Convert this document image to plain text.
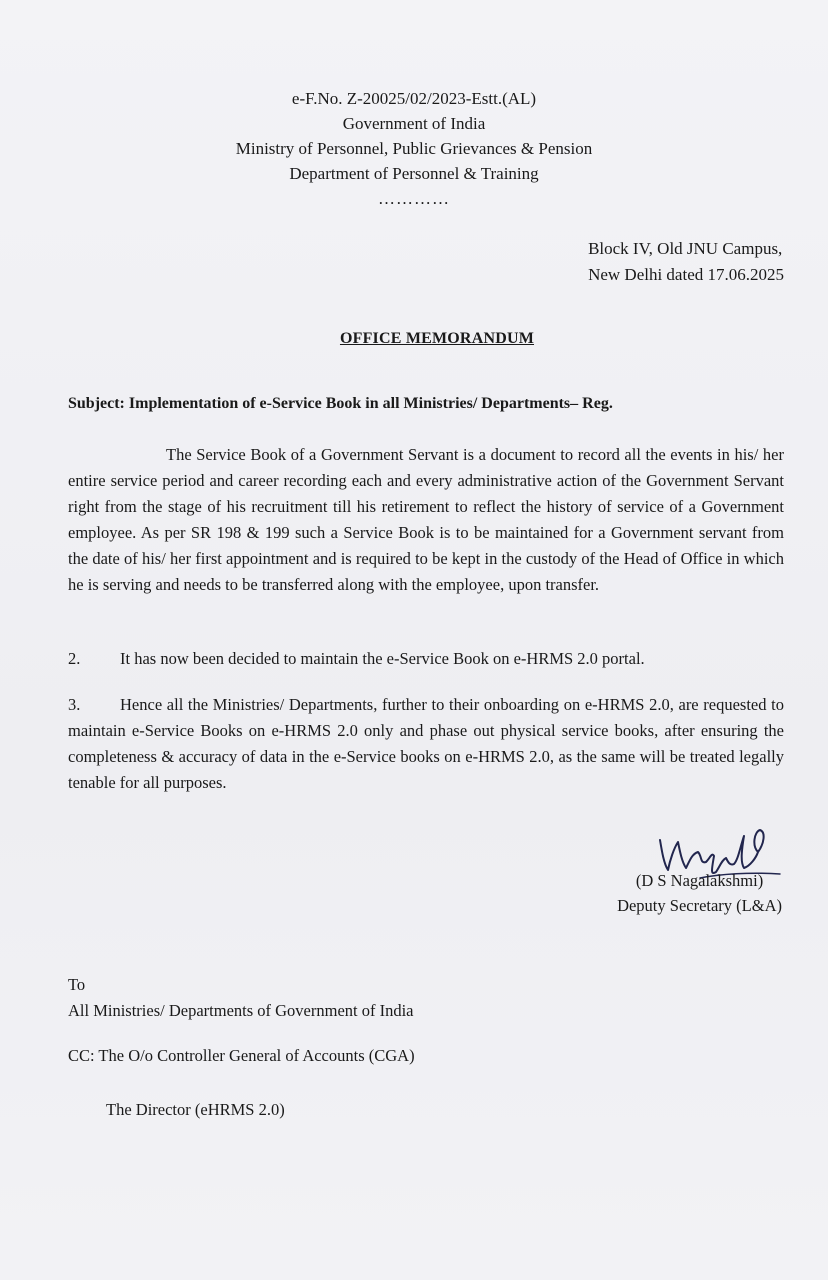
e-F.No. Z-20025/02/2023-Estt.(AL)
Government of India
Ministry of Personnel, Public Grievances & Pension
Department of Personnel & Training
…………
Block IV, Old JNU Campus,
New Delhi dated 17.06.2025
OFFICE MEMORANDUM
Subject: Implementation of e-Service Book in all Ministries/ Departments– Reg.
The Service Book of a Government Servant is a document to record all the events in his/ her entire service period and career recording each and every administrative action of the Government Servant right from the stage of his recruitment till his retirement to reflect the history of service of a Government employee. As per SR 198 & 199 such a Service Book is to be maintained for a Government servant from the date of his/ her first appointment and is required to be kept in the custody of the Head of Office in which he is serving and needs to be transferred along with the employee, upon transfer.
2. It has now been decided to maintain the e-Service Book on e-HRMS 2.0 portal.
3. Hence all the Ministries/ Departments, further to their onboarding on e-HRMS 2.0, are requested to maintain e-Service Books on e-HRMS 2.0 only and phase out physical service books, after ensuring the completeness & accuracy of data in the e-Service books on e-HRMS 2.0, as the same will be treated legally tenable for all purposes.
(D S Nagalakshmi)
Deputy Secretary (L&A)
To
All Ministries/ Departments of Government of India
CC: The O/o Controller General of Accounts (CGA)
The Director (eHRMS 2.0)
